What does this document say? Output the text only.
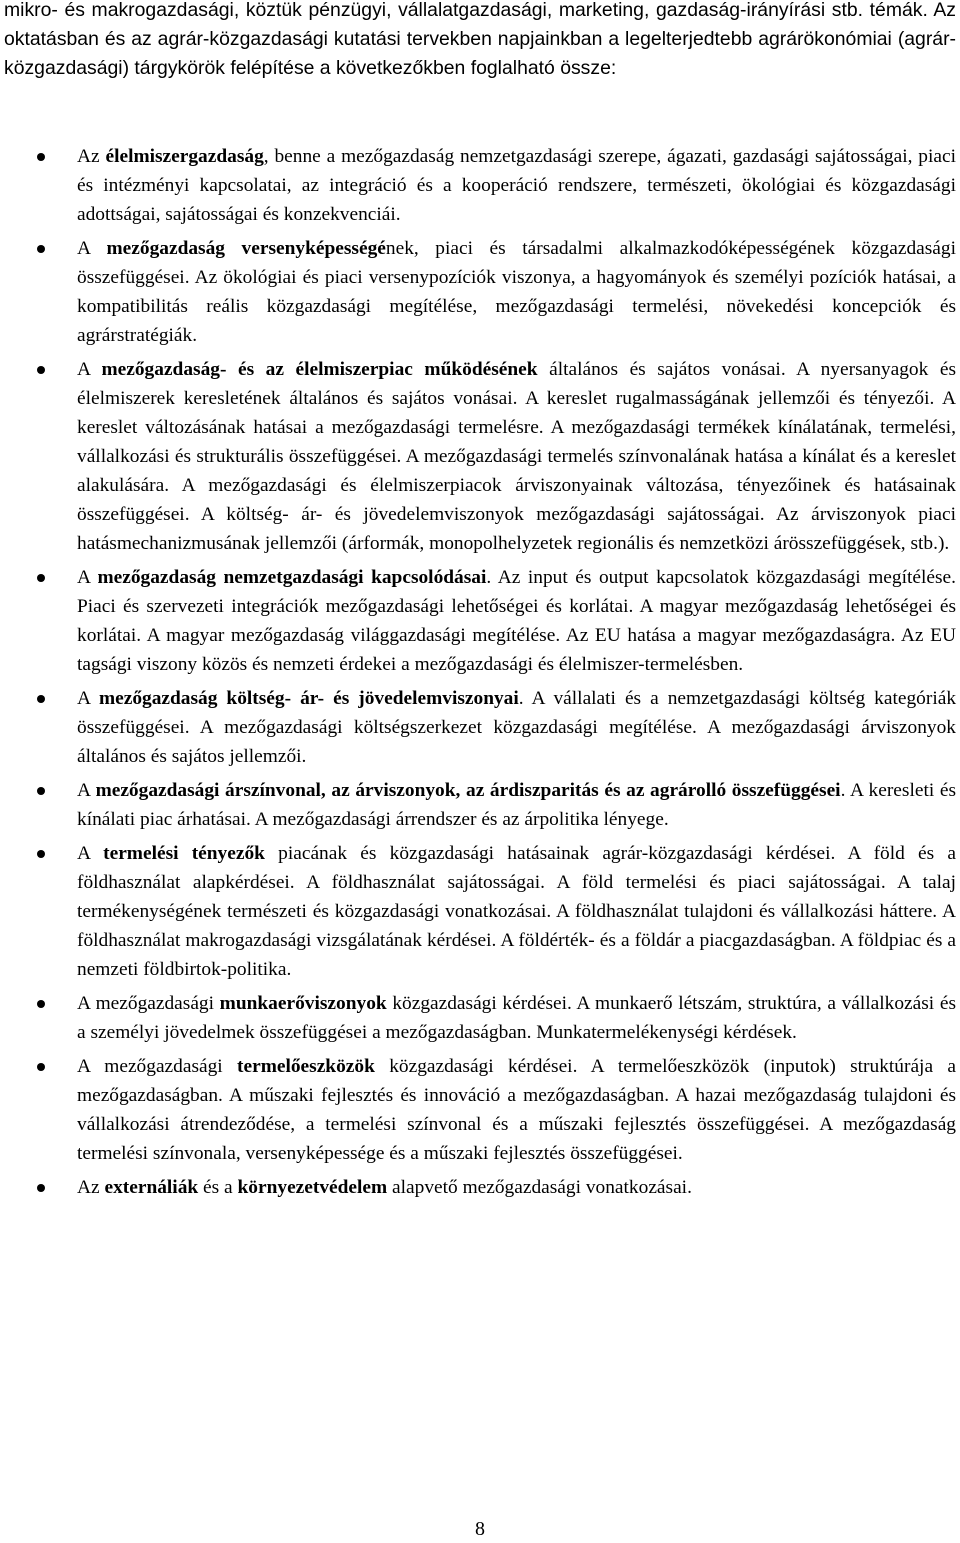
mikro- és makrogazdasági, köztük pénzügyi, vállalatgazdasági, marketing, gazdaság-irányírási stb. témák. Az oktatásban és az agrár-közgazdasági kutatási tervekben napjainkban a legelterjedtebb agrárökonómiai (agrár-közgazdasági) tárgykörök felépítése a következőkben foglalható össze:

Az élelmiszergazdaság, benne a mezőgazdaság nemzetgazdasági szerepe, ágazati, gazdasági sajátosságai, piaci és intézményi kapcsolatai, az integráció és a kooperáció rendszere, természeti, ökológiai és közgazdasági adottságai, sajátosságai és konzekvenciái.
A mezőgazdaság versenyképességének, piaci és társadalmi alkalmazkodóképességének közgazdasági összefüggései. Az ökológiai és piaci versenypozíciók viszonya, a hagyományok és személyi pozíciók hatásai, a kompatibilitás reális közgazdasági megítélése, mezőgazdasági termelési, növekedési koncepciók és agrárstratégiák.
A mezőgazdaság- és az élelmiszerpiac működésének általános és sajátos vonásai. A nyersanyagok és élelmiszerek keresletének általános és sajátos vonásai. A kereslet rugalmasságának jellemzői és tényezői. A kereslet változásának hatásai a mezőgazdasági termelésre. A mezőgazdasági termékek kínálatának, termelési, vállalkozási és strukturális összefüggései. A mezőgazdasági termelés színvonalának hatása a kínálat és a kereslet alakulására. A mezőgazdasági és élelmiszerpiacok árviszonyainak változása, tényezőinek és hatásainak összefüggései. A költség- ár- és jövedelemviszonyok mezőgazdasági sajátosságai. Az árviszonyok piaci hatásmechanizmusának jellemzői (árformák, monopolhelyzetek regionális és nemzetközi árösszefüggések, stb.).
A mezőgazdaság nemzetgazdasági kapcsolódásai. Az input és output kapcsolatok közgazdasági megítélése. Piaci és szervezeti integrációk mezőgazdasági lehetőségei és korlátai. A magyar mezőgazdaság lehetőségei és korlátai. A magyar mezőgazdaság világgazdasági megítélése. Az EU hatása a magyar mezőgazdaságra. Az EU tagsági viszony közös és nemzeti érdekei a mezőgazdasági és élelmiszer-termelésben.
A mezőgazdaság költség- ár- és jövedelemviszonyai. A vállalati és a nemzetgazdasági költség kategóriák összefüggései. A mezőgazdasági költségszerkezet közgazdasági megítélése. A mezőgazdasági árviszonyok általános és sajátos jellemzői.
A mezőgazdasági árszínvonal, az árviszonyok, az árdiszparitás és az agrárolló összefüggései. A keresleti és kínálati piac árhatásai. A mezőgazdasági árrendszer és az árpolitika lényege.
A termelési tényezők piacának és közgazdasági hatásainak agrár-közgazdasági kérdései. A föld és a földhasználat alapkérdései. A földhasználat sajátosságai. A föld termelési és piaci sajátosságai. A talaj termékenységének természeti és közgazdasági vonatkozásai. A földhasználat tulajdoni és vállalkozási háttere. A földhasználat makrogazdasági vizsgálatának kérdései. A földérték- és a földár a piacgazdaságban. A földpiac és a nemzeti földbirtok-politika.
A mezőgazdasági munkaerőviszonyok közgazdasági kérdései. A munkaerő létszám, struktúra, a vállalkozási és a személyi jövedelmek összefüggései a mezőgazdaságban. Munkatermelékenységi kérdések.
A mezőgazdasági termelőeszközök közgazdasági kérdései. A termelőeszközök (inputok) struktúrája a mezőgazdaságban. A műszaki fejlesztés és innováció a mezőgazdaságban. A hazai mezőgazdaság tulajdoni és vállalkozási átrendeződése, a termelési színvonal és a műszaki fejlesztés összefüggései. A mezőgazdaság termelési színvonala, versenyképessége és a műszaki fejlesztés összefüggései.
Az externáliák és a környezetvédelem alapvető mezőgazdasági vonatkozásai.
8
